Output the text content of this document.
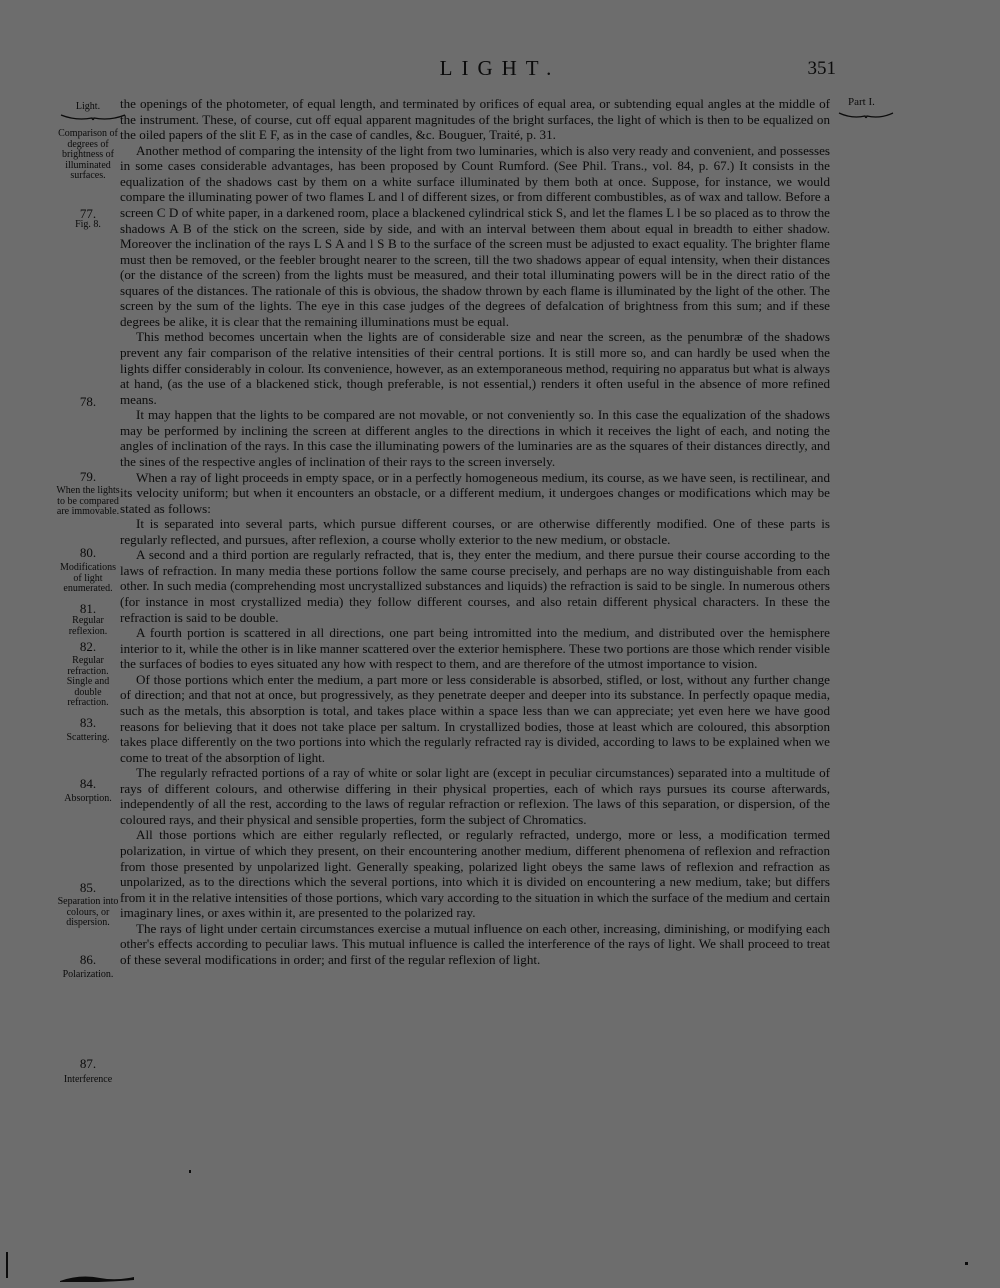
LIGHT.	351
Part I.
Light.
Comparison of degrees of brightness of illuminated surfaces.
77.
Fig. 8.
78.
79.
When the lights to be compared are immovable.
80.
Modifications of light enumerated.
81.
Regular reflexion.
82.
Regular refraction. Single and double refraction.
83.
Scattering.
84.
Absorption.
85.
Separation into colours, or dispersion.
86.
Polarization.
87.
Interference

the openings of the photometer, of equal length, and terminated by orifices of equal area, or subtending equal angles at the middle of the instrument. These, of course, cut off equal apparent magnitudes of the bright surfaces, the light of which is then to be equalized on the oiled papers of the slit E F, as in the case of candles, &c. Bouguer, Traité, p. 31.

Another method of comparing the intensity of the light from two luminaries, which is also very ready and convenient, and possesses in some cases considerable advantages, has been proposed by Count Rumford. (See Phil. Trans., vol. 84, p. 67.) It consists in the equalization of the shadows cast by them on a white surface illuminated by them both at once. Suppose, for instance, we would compare the illuminating power of two flames L and l of different sizes, or from different combustibles, as of wax and tallow. Before a screen C D of white paper, in a darkened room, place a blackened cylindrical stick S, and let the flames L l be so placed as to throw the shadows A B of the stick on the screen, side by side, and with an interval between them about equal in breadth to either shadow. Moreover the inclination of the rays L S A and l S B to the surface of the screen must be adjusted to exact equality. The brighter flame must then be removed, or the feebler brought nearer to the screen, till the two shadows appear of equal intensity, when their distances (or the distance of the screen) from the lights must be measured, and their total illuminating powers will be in the direct ratio of the squares of the distances. The rationale of this is obvious, the shadow thrown by each flame is illuminated by the light of the other. The screen by the sum of the lights. The eye in this case judges of the degrees of defalcation of brightness from this sum; and if these degrees be alike, it is clear that the remaining illuminations must be equal.

This method becomes uncertain when the lights are of considerable size and near the screen, as the penumbræ of the shadows prevent any fair comparison of the relative intensities of their central portions. It is still more so, and can hardly be used when the lights differ considerably in colour. Its convenience, however, as an extemporaneous method, requiring no apparatus but what is always at hand, (as the use of a blackened stick, though preferable, is not essential,) renders it often useful in the absence of more refined means.

It may happen that the lights to be compared are not movable, or not conveniently so. In this case the equalization of the shadows may be performed by inclining the screen at different angles to the directions in which it receives the light of each, and noting the angles of inclination of the rays. In this case the illuminating powers of the luminaries are as the squares of their distances directly, and the sines of the respective angles of inclination of their rays to the screen inversely.

When a ray of light proceeds in empty space, or in a perfectly homogeneous medium, its course, as we have seen, is rectilinear, and its velocity uniform; but when it encounters an obstacle, or a different medium, it undergoes changes or modifications which may be stated as follows:

It is separated into several parts, which pursue different courses, or are otherwise differently modified. One of these parts is regularly reflected, and pursues, after reflexion, a course wholly exterior to the new medium, or obstacle.

A second and a third portion are regularly refracted, that is, they enter the medium, and there pursue their course according to the laws of refraction. In many media these portions follow the same course precisely, and perhaps are no way distinguishable from each other. In such media (comprehending most uncrystallized substances and liquids) the refraction is said to be single. In numerous others (for instance in most crystallized media) they follow different courses, and also retain different physical characters. In these the refraction is said to be double.

A fourth portion is scattered in all directions, one part being intromitted into the medium, and distributed over the hemisphere interior to it, while the other is in like manner scattered over the exterior hemisphere. These two portions are those which render visible the surfaces of bodies to eyes situated any how with respect to them, and are therefore of the utmost importance to vision.

Of those portions which enter the medium, a part more or less considerable is absorbed, stifled, or lost, without any further change of direction; and that not at once, but progressively, as they penetrate deeper and deeper into its substance. In perfectly opaque media, such as the metals, this absorption is total, and takes place within a space less than we can appreciate; yet even here we have good reasons for believing that it does not take place per saltum. In crystallized bodies, those at least which are coloured, this absorption takes place differently on the two portions into which the regularly refracted ray is divided, according to laws to be explained when we come to treat of the absorption of light.

The regularly refracted portions of a ray of white or solar light are (except in peculiar circumstances) separated into a multitude of rays of different colours, and otherwise differing in their physical properties, each of which rays pursues its course afterwards, independently of all the rest, according to the laws of regular refraction or reflexion. The laws of this separation, or dispersion, of the coloured rays, and their physical and sensible properties, form the subject of Chromatics.

All those portions which are either regularly reflected, or regularly refracted, undergo, more or less, a modification termed polarization, in virtue of which they present, on their encountering another medium, different phenomena of reflexion and refraction from those presented by unpolarized light. Generally speaking, polarized light obeys the same laws of reflexion and refraction as unpolarized, as to the directions which the several portions, into which it is divided on encountering a new medium, take; but differs from it in the relative intensities of those portions, which vary according to the situation in which the surface of the medium and certain imaginary lines, or axes within it, are presented to the polarized ray.

The rays of light under certain circumstances exercise a mutual influence on each other, increasing, diminishing, or modifying each other's effects according to peculiar laws. This mutual influence is called the interference of the rays of light. We shall proceed to treat of these several modifications in order; and first of the regular reflexion of light.
